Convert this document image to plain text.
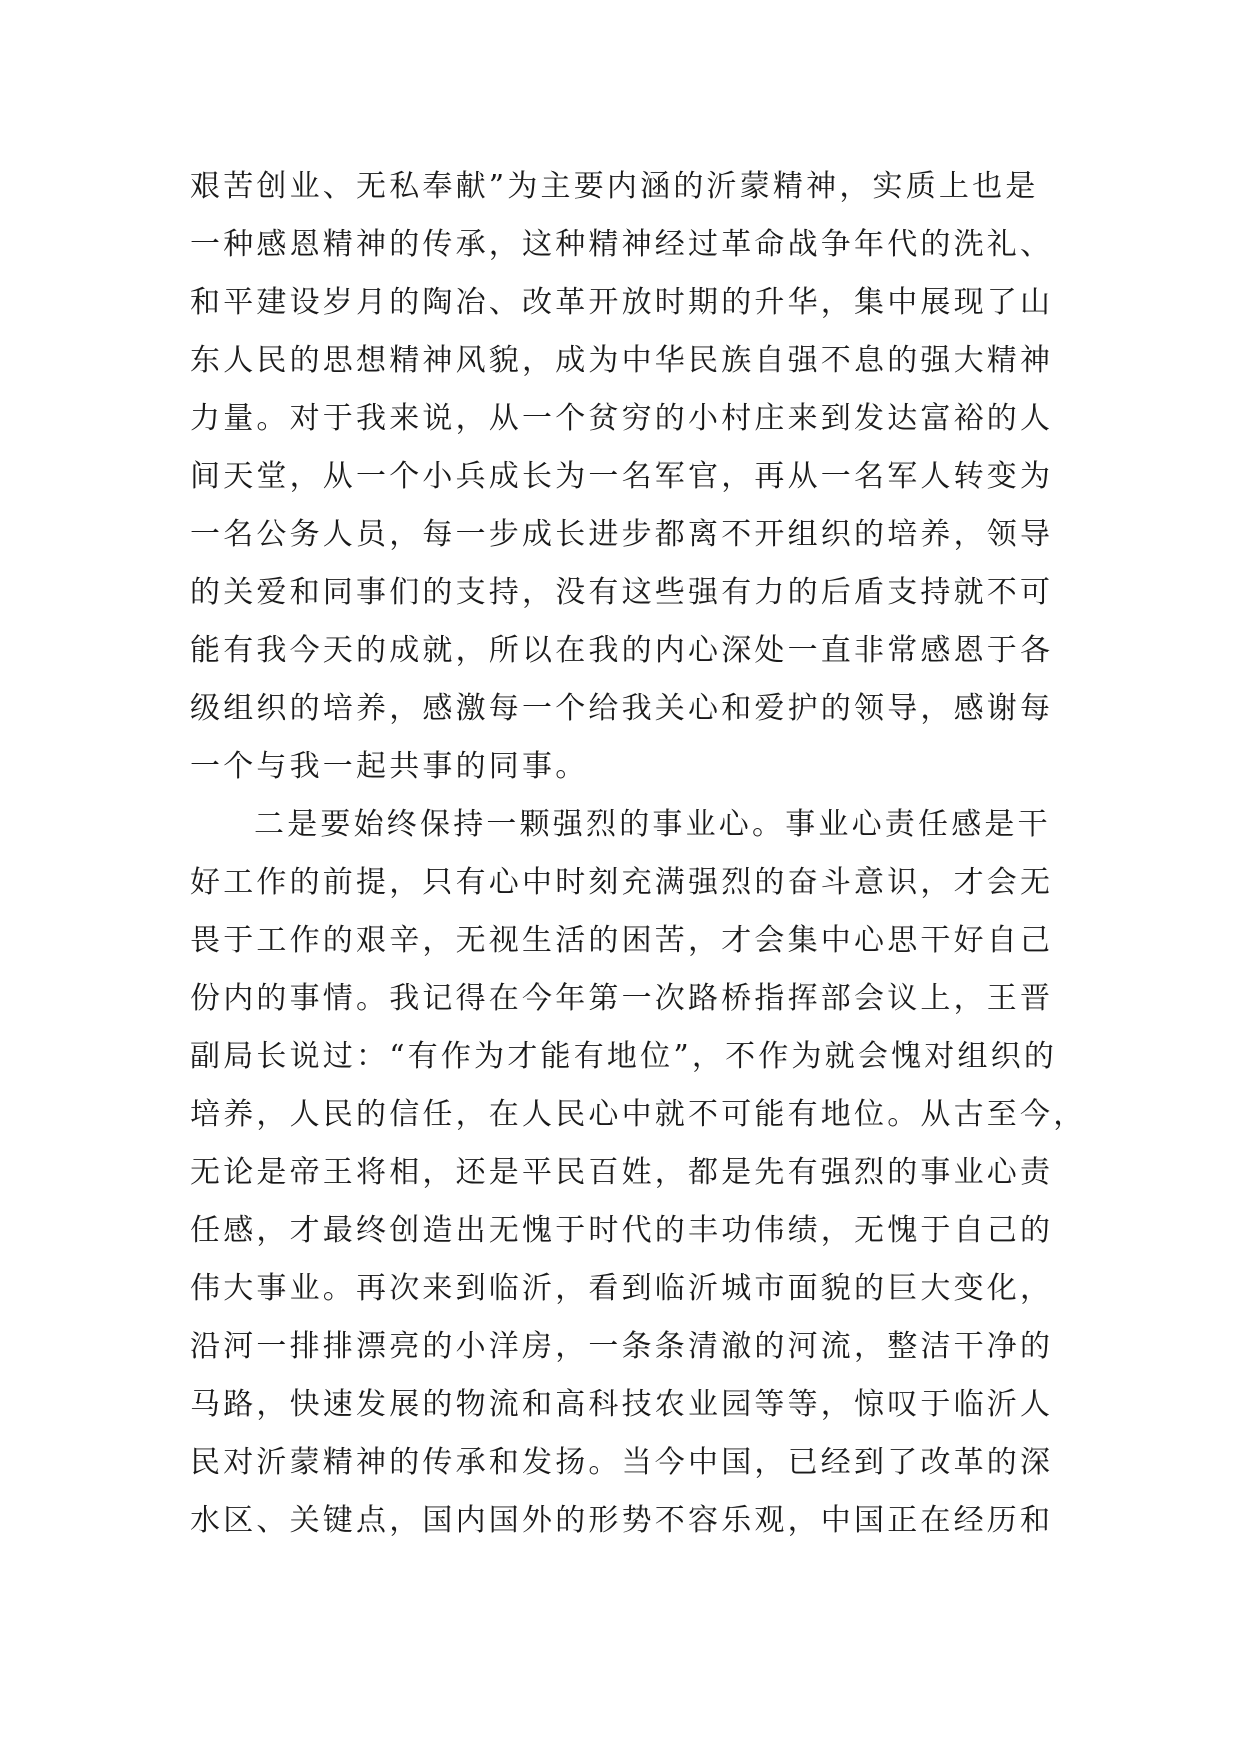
艰苦创业、无私奉献”为主要内涵的沂蒙精神，实质上也是
一种感恩精神的传承，这种精神经过革命战争年代的洗礼、
和平建设岁月的陶冶、改革开放时期的升华，集中展现了山
东人民的思想精神风貌，成为中华民族自强不息的强大精神
力量。对于我来说，从一个贫穷的小村庄来到发达富裕的人
间天堂，从一个小兵成长为一名军官，再从一名军人转变为
一名公务人员，每一步成长进步都离不开组织的培养，领导
的关爱和同事们的支持，没有这些强有力的后盾支持就不可
能有我今天的成就，所以在我的内心深处一直非常感恩于各
级组织的培养，感激每一个给我关心和爱护的领导，感谢每
一个与我一起共事的同事。
二是要始终保持一颗强烈的事业心。事业心责任感是干
好工作的前提，只有心中时刻充满强烈的奋斗意识，才会无
畏于工作的艰辛，无视生活的困苦，才会集中心思干好自己
份内的事情。我记得在今年第一次路桥指挥部会议上，王晋
副局长说过：“有作为才能有地位”，不作为就会愧对组织的
培养，人民的信任，在人民心中就不可能有地位。从古至今，
无论是帝王将相，还是平民百姓，都是先有强烈的事业心责
任感，才最终创造出无愧于时代的丰功伟绩，无愧于自己的
伟大事业。再次来到临沂，看到临沂城市面貌的巨大变化，
沿河一排排漂亮的小洋房，一条条清澈的河流，整洁干净的
马路，快速发展的物流和高科技农业园等等，惊叹于临沂人
民对沂蒙精神的传承和发扬。当今中国，已经到了改革的深
水区、关键点，国内国外的形势不容乐观，中国正在经历和
